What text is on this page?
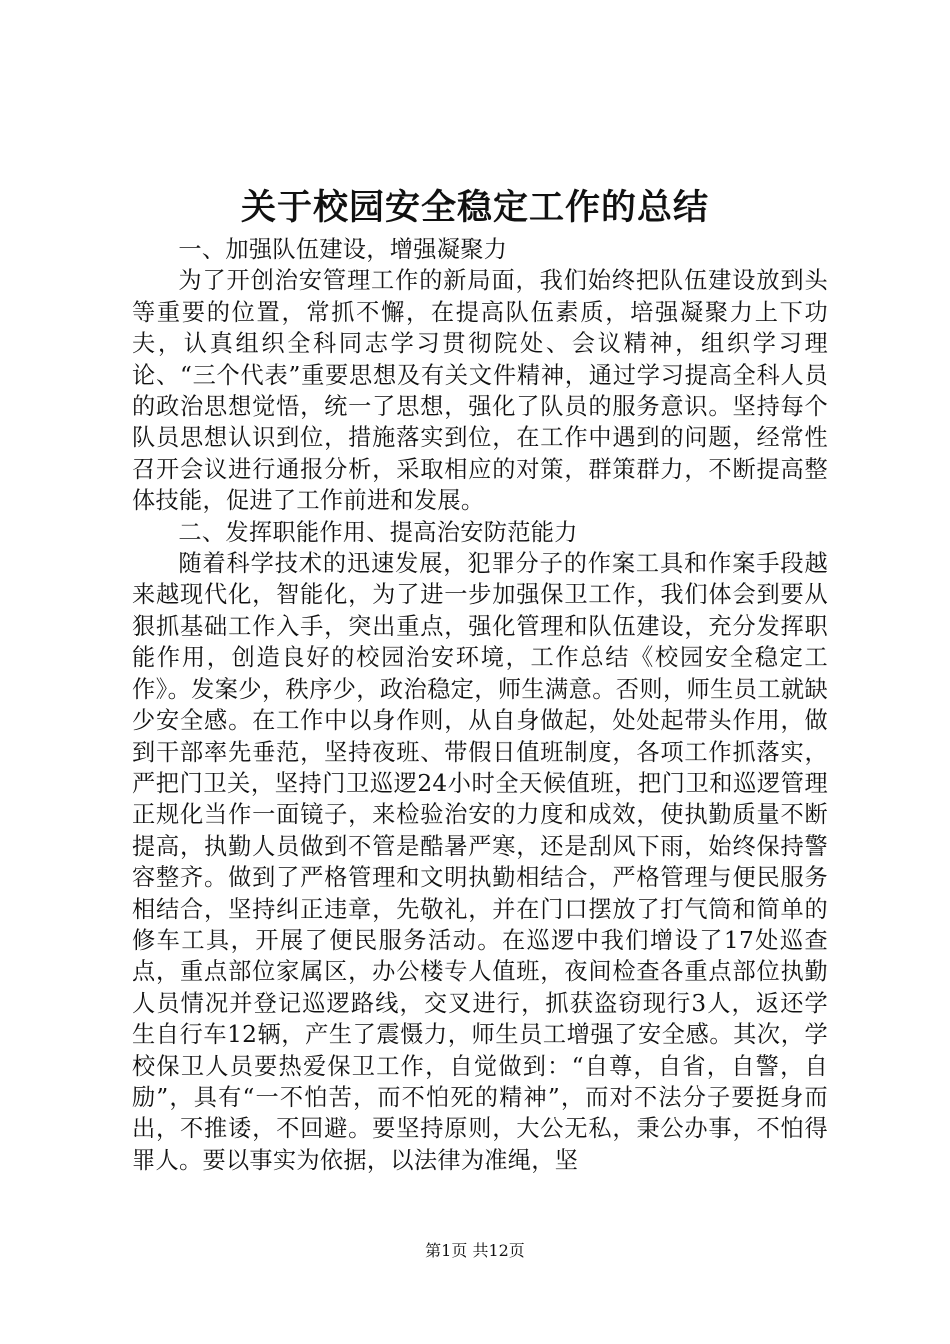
关于校园安全稳定工作的总结

一、加强队伍建设，增强凝聚力

为了开创治安管理工作的新局面，我们始终把队伍建设放到头等重要的位置，常抓不懈，在提高队伍素质，培强凝聚力上下功夫，认真组织全科同志学习贯彻院处、会议精神，组织学习理论、“三个代表”重要思想及有关文件精神，通过学习提高全科人员的政治思想觉悟，统一了思想，强化了队员的服务意识。坚持每个队员思想认识到位，措施落实到位，在工作中遇到的问题，经常性召开会议进行通报分析，采取相应的对策，群策群力，不断提高整体技能，促进了工作前进和发展。

二、发挥职能作用、提高治安防范能力

随着科学技术的迅速发展，犯罪分子的作案工具和作案手段越来越现代化，智能化，为了进一步加强保卫工作，我们体会到要从狠抓基础工作入手，突出重点，强化管理和队伍建设，充分发挥职能作用，创造良好的校园治安环境，工作总结《校园安全稳定工作》。发案少，秩序少，政治稳定，师生满意。否则，师生员工就缺少安全感。在工作中以身作则，从自身做起，处处起带头作用，做到干部率先垂范，坚持夜班、带假日值班制度，各项工作抓落实，严把门卫关，坚持门卫巡逻24小时全天候值班，把门卫和巡逻管理正规化当作一面镜子，来检验治安的力度和成效，使执勤质量不断提高，执勤人员做到不管是酷暑严寒，还是刮风下雨，始终保持警容整齐。做到了严格管理和文明执勤相结合，严格管理与便民服务相结合，坚持纠正违章，先敬礼，并在门口摆放了打气筒和简单的修车工具，开展了便民服务活动。在巡逻中我们增设了17处巡查点，重点部位家属区，办公楼专人值班，夜间检查各重点部位执勤人员情况并登记巡逻路线，交叉进行，抓获盗窃现行3人，返还学生自行车12辆，产生了震慑力，师生员工增强了安全感。其次，学校保卫人员要热爱保卫工作，自觉做到：“自尊，自省，自警，自励”，具有“一不怕苦，而不怕死的精神”，而对不法分子要挺身而出，不推诿，不回避。要坚持原则，大公无私，秉公办事，不怕得罪人。要以事实为依据，以法律为准绳，坚

第1页 共12页
